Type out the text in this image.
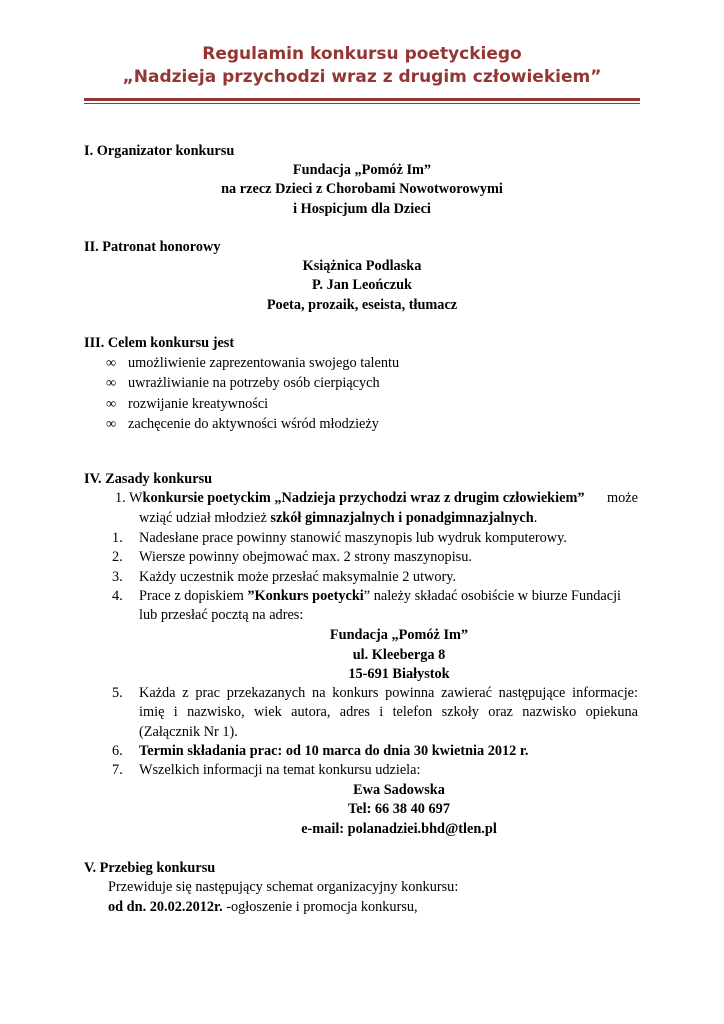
Regulamin konkursu poetyckiego
„Nadzieja przychodzi wraz z drugim człowiekiem”
I. Organizator konkursu
Fundacja „Pomóż Im”
na rzecz Dzieci z Chorobami Nowotworowymi
i Hospicjum dla Dzieci
II. Patronat honorowy
Książnica Podlaska
P. Jan Leończuk
Poeta, prozaik, eseista, tłumacz
III. Celem konkursu jest
∞ umożliwienie zaprezentowania swojego talentu
∞ uwrażliwianie na potrzeby osób cierpiących
∞ rozwijanie kreatywności
∞ zachęcenie do aktywności wśród młodzieży
IV. Zasady konkursu
1. W konkursie poetyckim „Nadzieja przychodzi wraz z drugim człowiekiem” może
wziąć udział młodzież szkół gimnazjalnych i ponadgimnazjalnych.
1. Nadesłane prace powinny stanowić maszynopis lub wydruk komputerowy.
2. Wiersze powinny obejmować max. 2 strony maszynopisu.
3. Każdy uczestnik może przesłać maksymalnie 2 utwory.
4. Prace z dopiskiem ”Konkurs poetycki” należy składać osobiście w biurze Fundacji
lub przesłać pocztą na adres:
Fundacja „Pomóż Im”
ul. Kleeberga 8
15-691 Białystok
5.	Każda z prac przekazanych na konkurs powinna zawierać następujące informacje:
imię i nazwisko, wiek autora, adres i telefon szkoły oraz nazwisko opiekuna
(Załącznik Nr 1).
6. Termin składania prac: od 10 marca do dnia 30 kwietnia 2012 r.
7. Wszelkich informacji na temat konkursu udziela:
Ewa Sadowska
Tel: 66 38 40 697
e-mail: polanadziei.bhd@tlen.pl
V. Przebieg konkursu
Przewiduje się następujący schemat organizacyjny konkursu:
od dn. 20.02.2012r. -ogłoszenie i promocja konkursu,
